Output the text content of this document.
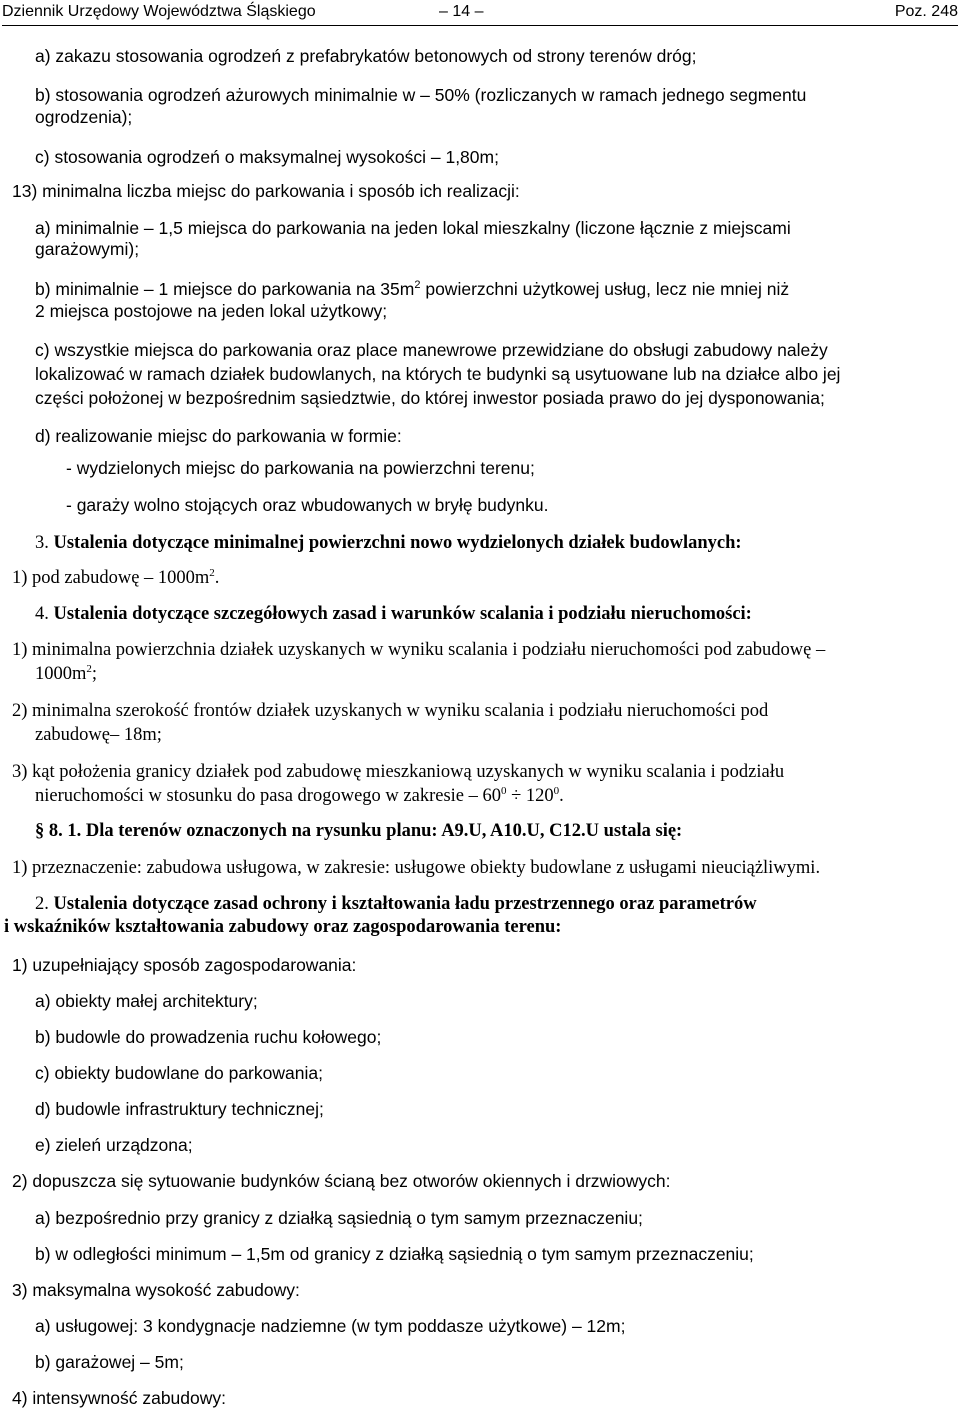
Dziennik Urzędowy Województwa Śląskiego	– 14 –	Poz. 248
a) zakazu stosowania ogrodzeń z prefabrykatów betonowych od strony terenów dróg;
b) stosowania ogrodzeń ażurowych minimalnie w – 50% (rozliczanych w ramach jednego segmentu
ogrodzenia);
c) stosowania ogrodzeń o maksymalnej wysokości – 1,80m;
13) minimalna liczba miejsc do parkowania i sposób ich realizacji:
a) minimalnie – 1,5 miejsca do parkowania na jeden lokal mieszkalny (liczone łącznie z miejscami
garażowymi);
b) minimalnie – 1 miejsce do parkowania na $35m^2$ powierzchni użytkowej usług, lecz nie mniej niż
2 miejsca postojowe na jeden lokal użytkowy;
c) wszystkie miejsca do parkowania oraz place manewrowe przewidziane do obsługi zabudowy należy
lokalizować w ramach działek budowlanych, na których te budynki są usytuowane lub na działce albo jej
części położonej w bezpośrednim sąsiedztwie, do której inwestor posiada prawo do jej dysponowania;
d) realizowanie miejsc do parkowania w formie:
- wydzielonych miejsc do parkowania na powierzchni terenu;
- garaży wolno stojących oraz wbudowanych w bryłę budynku.
3. Ustalenia dotyczące minimalnej powierzchni nowo wydzielonych działek budowlanych:
1) pod zabudowę – $1000m^2$.
4. Ustalenia dotyczące szczegółowych zasad i warunków scalania i podziału nieruchomości:
1) minimalna powierzchnia działek uzyskanych w wyniku scalania i podziału nieruchomości pod zabudowę –
$1000m^2$;
2) minimalna szerokość frontów działek uzyskanych w wyniku scalania i podziału nieruchomości pod
zabudowę– 18m;
3) kąt położenia granicy działek pod zabudowę mieszkaniową uzyskanych w wyniku scalania i podziału
nieruchomości w stosunku do pasa drogowego w zakresie – $60^0 \div 120^0$.
§ 8. 1. Dla terenów oznaczonych na rysunku planu: A9.U, A10.U, C12.U ustala się:
1) przeznaczenie: zabudowa usługowa, w zakresie: usługowe obiekty budowlane z usługami nieuciążliwymi.
2. Ustalenia dotyczące zasad ochrony i kształtowania ładu przestrzennego oraz parametrów
i wskaźników kształtowania zabudowy oraz zagospodarowania terenu:
1) uzupełniający sposób zagospodarowania:
a) obiekty małej architektury;
b) budowle do prowadzenia ruchu kołowego;
c) obiekty budowlane do parkowania;
d) budowle infrastruktury technicznej;
e) zieleń urządzona;
2) dopuszcza się sytuowanie budynków ścianą bez otworów okiennych i drzwiowych:
a) bezpośrednio przy granicy z działką sąsiednią o tym samym przeznaczeniu;
b) w odległości minimum – 1,5m od granicy z działką sąsiednią o tym samym przeznaczeniu;
3) maksymalna wysokość zabudowy:
a) usługowej: 3 kondygnacje nadziemne (w tym poddasze użytkowe) – 12m;
b) garażowej – 5m;
4) intensywność zabudowy:
